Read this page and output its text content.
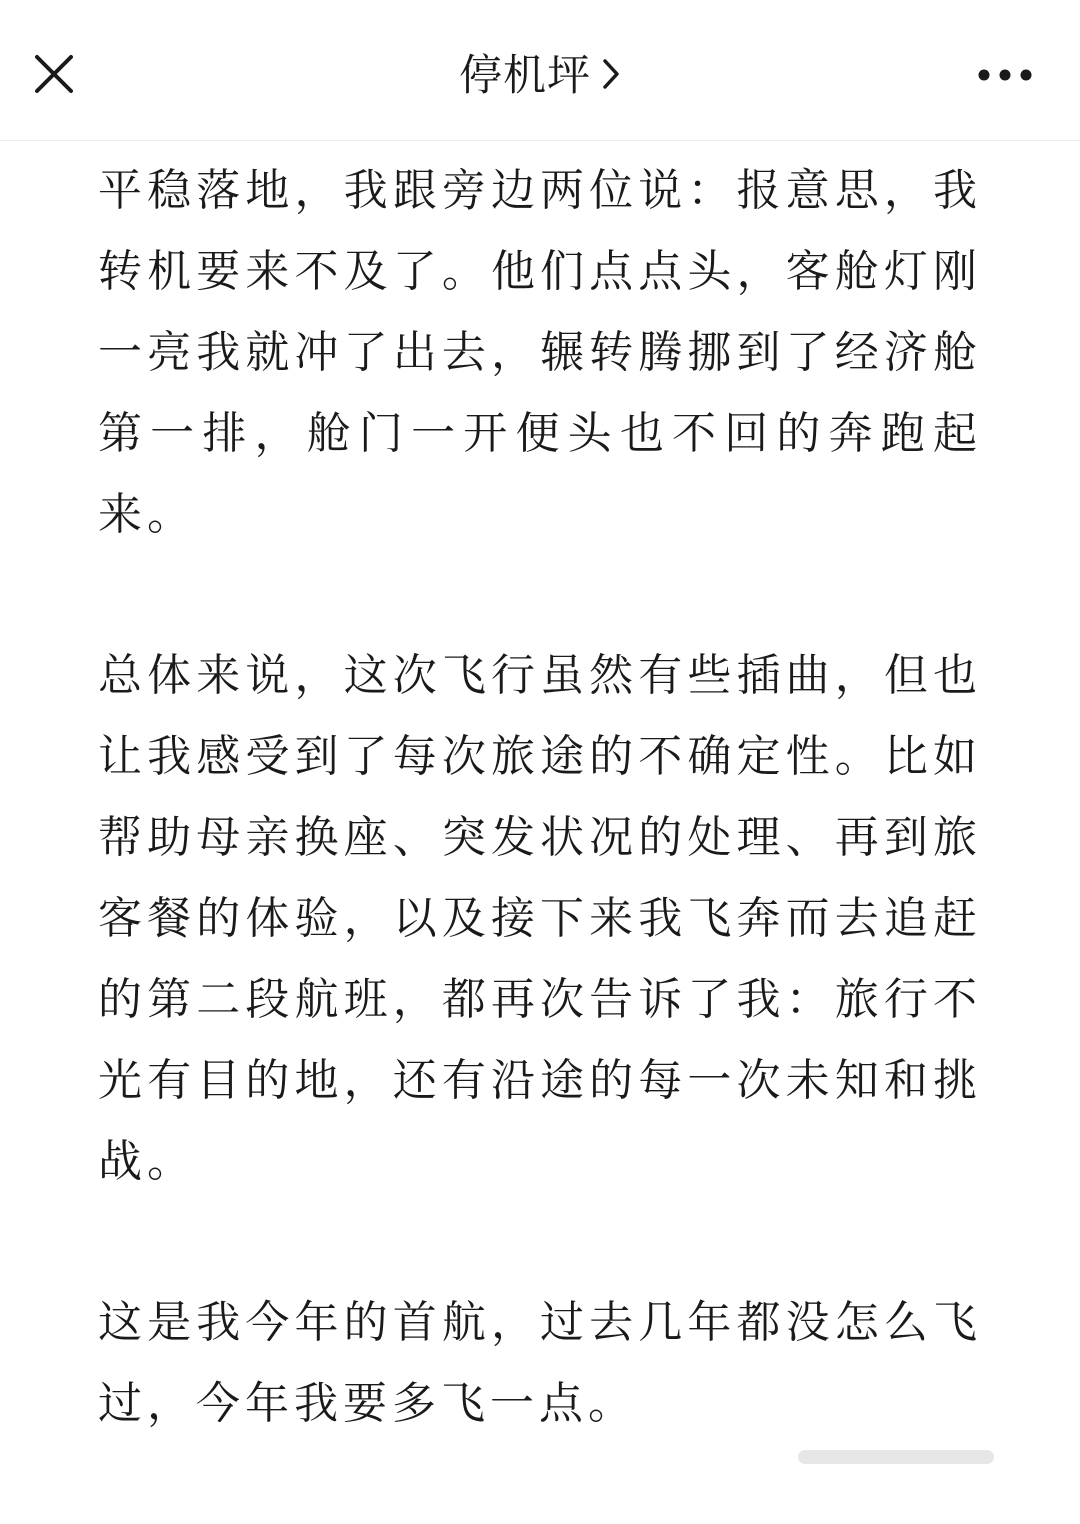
停机坪

平稳落地，我跟旁边两位说：报意思，我转机要来不及了。他们点点头，客舱灯刚一亮我就冲了出去，辗转腾挪到了经济舱第一排，舱门一开便头也不回的奔跑起来。

总体来说，这次飞行虽然有些插曲，但也让我感受到了每次旅途的不确定性。比如帮助母亲换座、突发状况的处理、再到旅客餐的体验，以及接下来我飞奔而去追赶的第二段航班，都再次告诉了我：旅行不光有目的地，还有沿途的每一次未知和挑战。

这是我今年的首航，过去几年都没怎么飞过，今年我要多飞一点。
